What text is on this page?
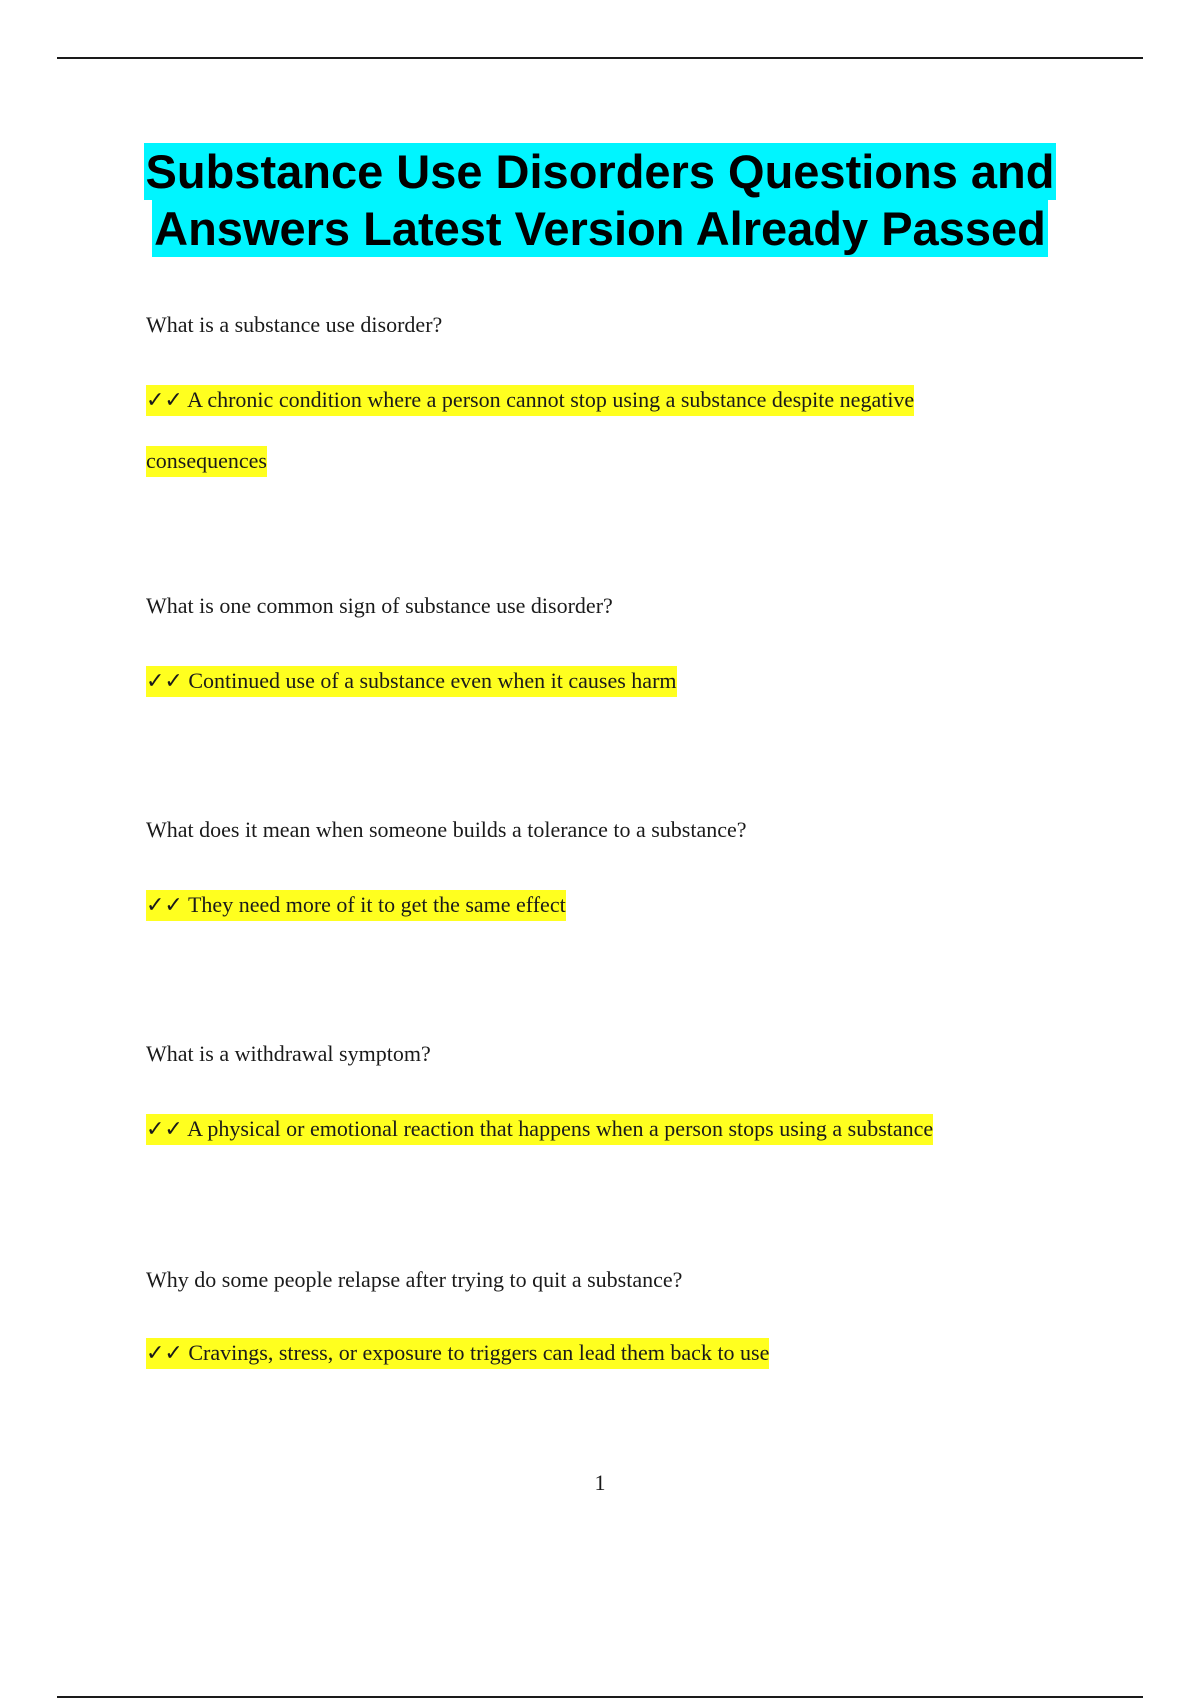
Substance Use Disorders Questions and
Answers Latest Version Already Passed
What is a substance use disorder?
✓✓ A chronic condition where a person cannot stop using a substance despite negative
consequences
What is one common sign of substance use disorder?
✓✓ Continued use of a substance even when it causes harm
What does it mean when someone builds a tolerance to a substance?
✓✓ They need more of it to get the same effect
What is a withdrawal symptom?
✓✓ A physical or emotional reaction that happens when a person stops using a substance
Why do some people relapse after trying to quit a substance?
✓✓ Cravings, stress, or exposure to triggers can lead them back to use
1
